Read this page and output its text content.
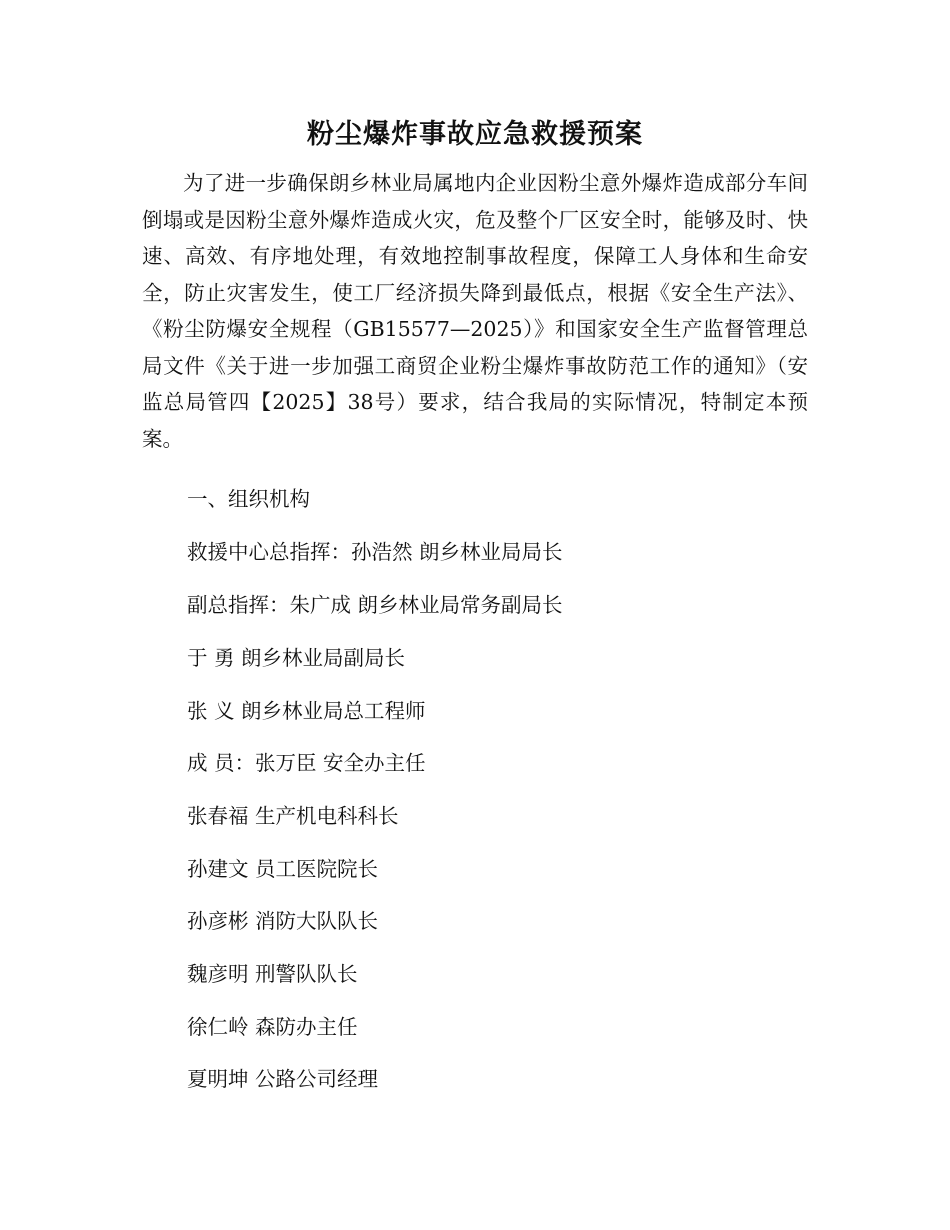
粉尘爆炸事故应急救援预案

为了进一步确保朗乡林业局属地内企业因粉尘意外爆炸造成部分车间倒塌或是因粉尘意外爆炸造成火灾，危及整个厂区安全时，能够及时、快速、高效、有序地处理，有效地控制事故程度，保障工人身体和生命安全，防止灾害发生，使工厂经济损失降到最低点，根据《安全生产法》、《粉尘防爆安全规程（GB15577—2025）》和国家安全生产监督管理总局文件《关于进一步加强工商贸企业粉尘爆炸事故防范工作的通知》（安监总局管四【2025】38号）要求，结合我局的实际情况，特制定本预案。

一、组织机构

救援中心总指挥：孙浩然 朗乡林业局局长

副总指挥：朱广成 朗乡林业局常务副局长

于 勇 朗乡林业局副局长

张 义 朗乡林业局总工程师

成 员：张万臣 安全办主任

张春福 生产机电科科长

孙建文 员工医院院长

孙彦彬 消防大队队长

魏彦明 刑警队队长

徐仁岭 森防办主任

夏明坤 公路公司经理
